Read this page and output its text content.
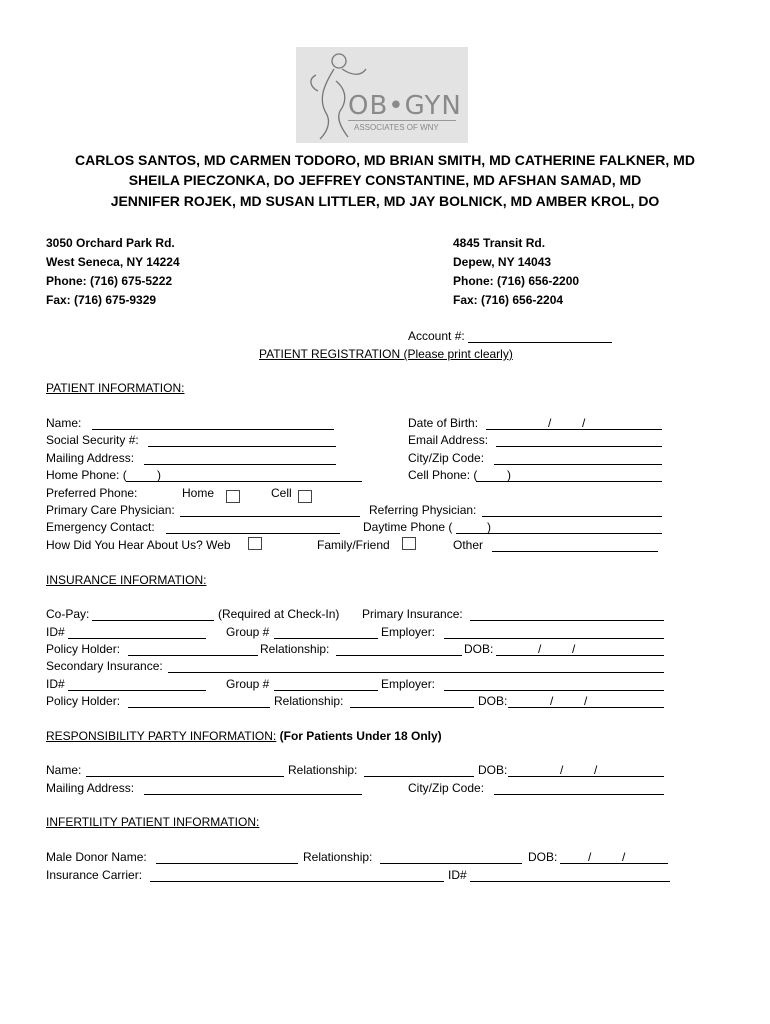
OB•GYN
ASSOCIATES OF WNY
CARLOS SANTOS, MD CARMEN TODORO, MD BRIAN SMITH, MD CATHERINE FALKNER, MD
SHEILA PIECZONKA, DO JEFFREY CONSTANTINE, MD AFSHAN SAMAD, MD
JENNIFER ROJEK, MD SUSAN LITTLER, MD JAY BOLNICK, MD AMBER KROL, DO
3050 Orchard Park Rd.
West Seneca, NY 14224
Phone: (716) 675-5222
Fax: (716) 675-9329
4845 Transit Rd.
Depew, NY 14043
Phone: (716) 656-2200
Fax: (716) 656-2204
Account #:
PATIENT REGISTRATION (Please print clearly)
PATIENT INFORMATION:
Name:	Date of Birth:	/	/
Social Security #:	Email Address:
Mailing Address:	City/Zip Code:
Home Phone: (	)	Cell Phone: ( )
Preferred Phone:	Home	Cell
Primary Care Physician:	Referring Physician:
Emergency Contact:	Daytime Phone (	)
How Did You Hear About Us? Web	Family/Friend	Other
INSURANCE INFORMATION:
Co-Pay:	(Required at Check-In) Primary Insurance:
ID#	Group #	Employer:
Policy Holder:	Relationship:	DOB:	/	/
Secondary Insurance:
ID#	Group #	Employer:
Policy Holder:	Relationship:	DOB:	/	/
RESPONSIBILITY PARTY INFORMATION: (For Patients Under 18 Only)
Name:	Relationship:	DOB:	/	/
Mailing Address:	City/Zip Code:
INFERTILITY PATIENT INFORMATION:
Male Donor Name:	Relationship:	DOB:	/	/
Insurance Carrier:	ID#
